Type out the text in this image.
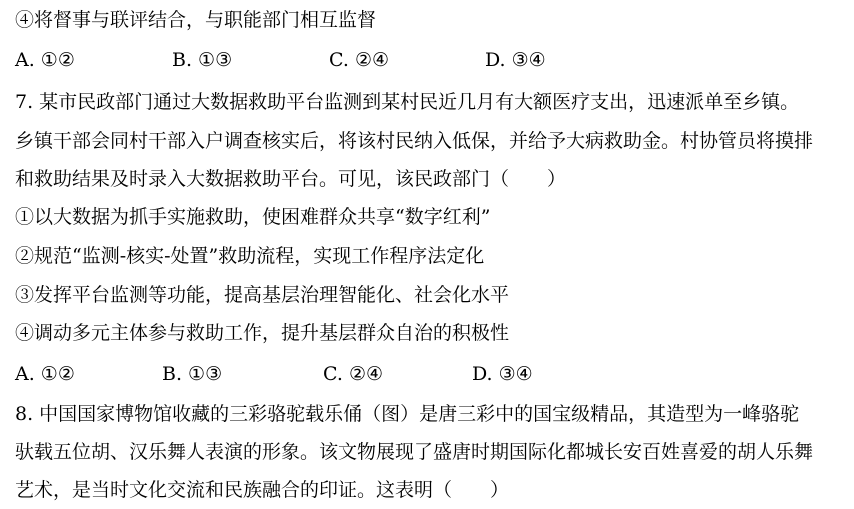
④将督事与联评结合，与职能部门相互监督
A. ①②	B. ①③	C. ②④	D. ③④
7. 某市民政部门通过大数据救助平台监测到某村民近几月有大额医疗支出，迅速派单至乡镇。
乡镇干部会同村干部入户调查核实后，将该村民纳入低保，并给予大病救助金。村协管员将摸排
和救助结果及时录入大数据救助平台。可见，该民政部门（　　）
①以大数据为抓手实施救助，使困难群众共享“数字红利”
②规范“监测-核实-处置”救助流程，实现工作程序法定化
③发挥平台监测等功能，提高基层治理智能化、社会化水平
④调动多元主体参与救助工作，提升基层群众自治的积极性
A. ①②	B. ①③	C. ②④	D. ③④
8. 中国国家博物馆收藏的三彩骆驼载乐俑（图）是唐三彩中的国宝级精品，其造型为一峰骆驼
驮载五位胡、汉乐舞人表演的形象。该文物展现了盛唐时期国际化都城长安百姓喜爱的胡人乐舞
艺术，是当时文化交流和民族融合的印证。这表明（　　）
